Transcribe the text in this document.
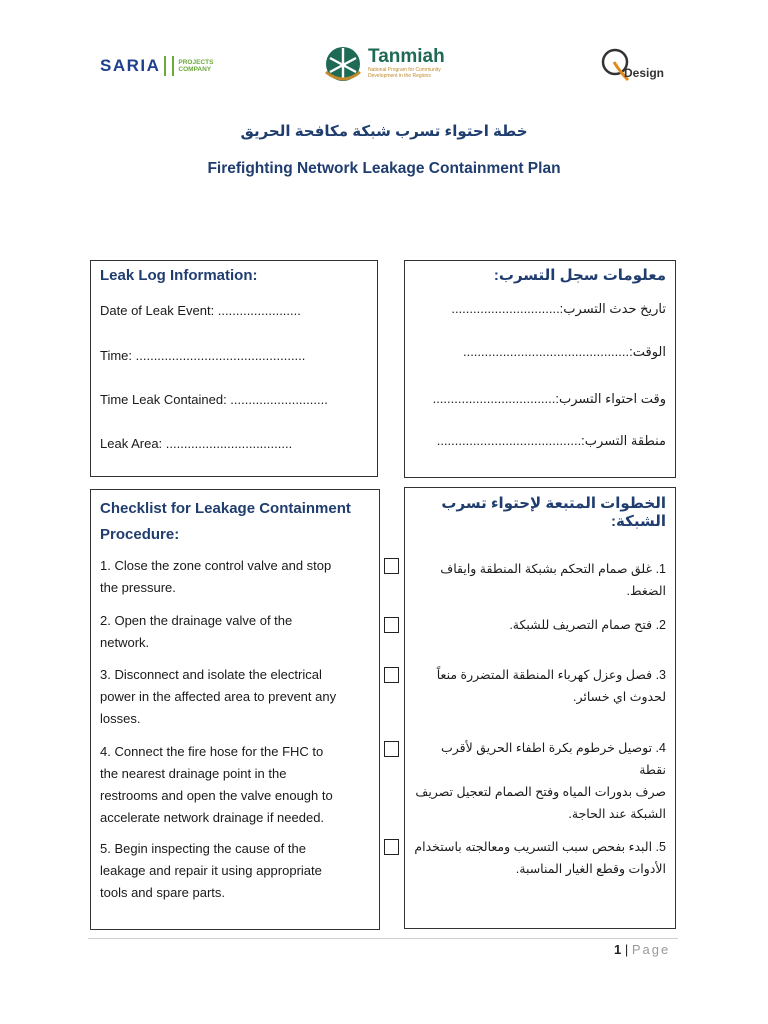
SARIA	PROJECTS
COMPANY
Tanmiah
National Program for Community Development in the Regions	Design
خطة احتواء تسرب شبكة مكافحة الحريق
Firefighting Network Leakage Containment Plan
Leak Log Information:
Date of Leak Event: .......................
Time: ...............................................
Time Leak Contained: ...........................
Leak Area: ...................................
معلومات سجل التسرب:
تاريخ حدث التسرب:..............................
الوقت:..............................................
وقت احتواء التسرب:..................................
منطقة التسرب:........................................
Checklist for Leakage Containment
Procedure:
1. Close the zone control valve and stop
the pressure.
2. Open the drainage valve of the
network.
3. Disconnect and isolate the electrical
power in the affected area to prevent any
losses.
4. Connect the fire hose for the FHC to
the nearest drainage point in the
restrooms and open the valve enough to
accelerate network drainage if needed.
5. Begin inspecting the cause of the
leakage and repair it using appropriate
tools and spare parts.
الخطوات المتبعة لإحتواء تسرب الشبكة:
1. غلق صمام التحكم بشبكة المنطقة وايقاف الضغط.
2. فتح صمام التصريف للشبكة.
3. فصل وعزل كهرباء المنطقة المتضررة منعاً
لحدوث اي خسائر.
4. توصيل خرطوم بكرة اطفاء الحريق لأقرب نقطة
صرف بدورات المياه وفتح الصمام لتعجيل تصريف
الشبكة عند الحاجة.
5. البدء بفحص سبب التسريب ومعالجته باستخدام
الأدوات وقطع الغيار المناسبة.
1 | Page
